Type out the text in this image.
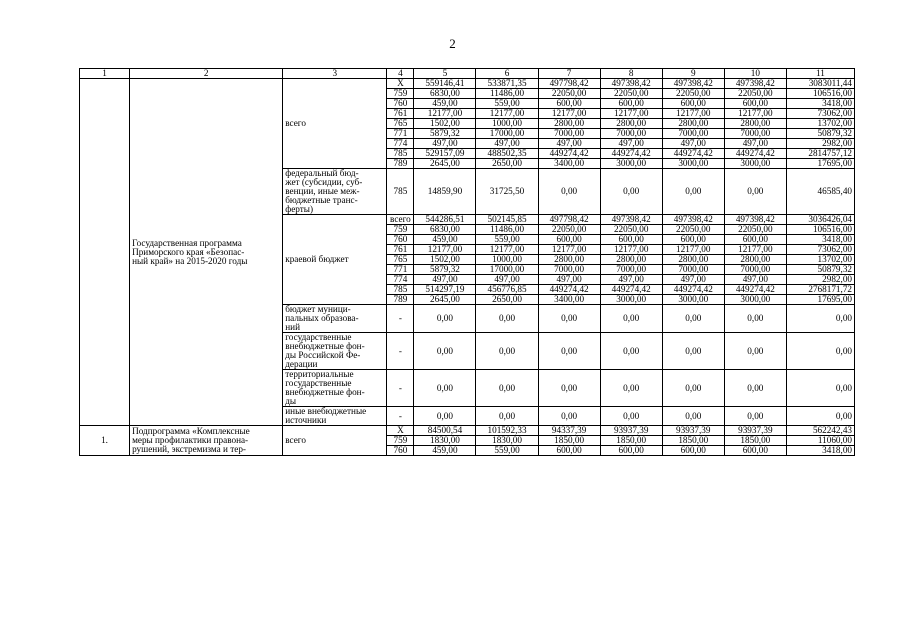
2
1	2	3	4	5	6	7	8	9	10	11

	Государственная программа
Приморского края «Безопас-
ный край» на 2015-2020 годы	всего	Х	559146,41	533871,35	497798,42	497398,42	497398,42	497398,42	3083011,44
			759	6830,00	11486,00	22050,00	22050,00	22050,00	22050,00	106516,00
			760	459,00	559,00	600,00	600,00	600,00	600,00	3418,00
			761	12177,00	12177,00	12177,00	12177,00	12177,00	12177,00	73062,00
			765	1502,00	1000,00	2800,00	2800,00	2800,00	2800,00	13702,00
			771	5879,32	17000,00	7000,00	7000,00	7000,00	7000,00	50879,32
			774	497,00	497,00	497,00	497,00	497,00	497,00	2982,00
			785	529157,09	488502,35	449274,42	449274,42	449274,42	449274,42	2814757,12
			789	2645,00	2650,00	3400,00	3000,00	3000,00	3000,00	17695,00

		федеральный бюд-
жет (субсидии, суб-
венции, иные меж-
бюджетные транс-
ферты)	785	14859,90	31725,50	0,00	0,00	0,00	0,00	46585,40

		краевой бюджет	всего	544286,51	502145,85	497798,42	497398,42	497398,42	497398,42	3036426,04
			759	6830,00	11486,00	22050,00	22050,00	22050,00	22050,00	106516,00
			760	459,00	559,00	600,00	600,00	600,00	600,00	3418,00
			761	12177,00	12177,00	12177,00	12177,00	12177,00	12177,00	73062,00
			765	1502,00	1000,00	2800,00	2800,00	2800,00	2800,00	13702,00
			771	5879,32	17000,00	7000,00	7000,00	7000,00	7000,00	50879,32
			774	497,00	497,00	497,00	497,00	497,00	497,00	2982,00
			785	514297,19	456776,85	449274,42	449274,42	449274,42	449274,42	2768171,72
			789	2645,00	2650,00	3400,00	3000,00	3000,00	3000,00	17695,00

		бюджет муници-
пальных образова-
ний	-	0,00	0,00	0,00	0,00	0,00	0,00	0,00

		государственные
внебюджетные фон-
ды Российской Фе-
дерации	-	0,00	0,00	0,00	0,00	0,00	0,00	0,00

		территориальные
государственные
внебюджетные фон-
ды	-	0,00	0,00	0,00	0,00	0,00	0,00	0,00

		иные внебюджетные
источники	-	0,00	0,00	0,00	0,00	0,00	0,00	0,00
1.	Подпрограмма «Комплексные
меры профилактики правона-
рушений, экстремизма и тер-	всего	Х	84500,54	101592,33	94337,39	93937,39	93937,39	93937,39	562242,43
			759	1830,00	1830,00	1850,00	1850,00	1850,00	1850,00	11060,00
			760	459,00	559,00	600,00	600,00	600,00	600,00	3418,00
